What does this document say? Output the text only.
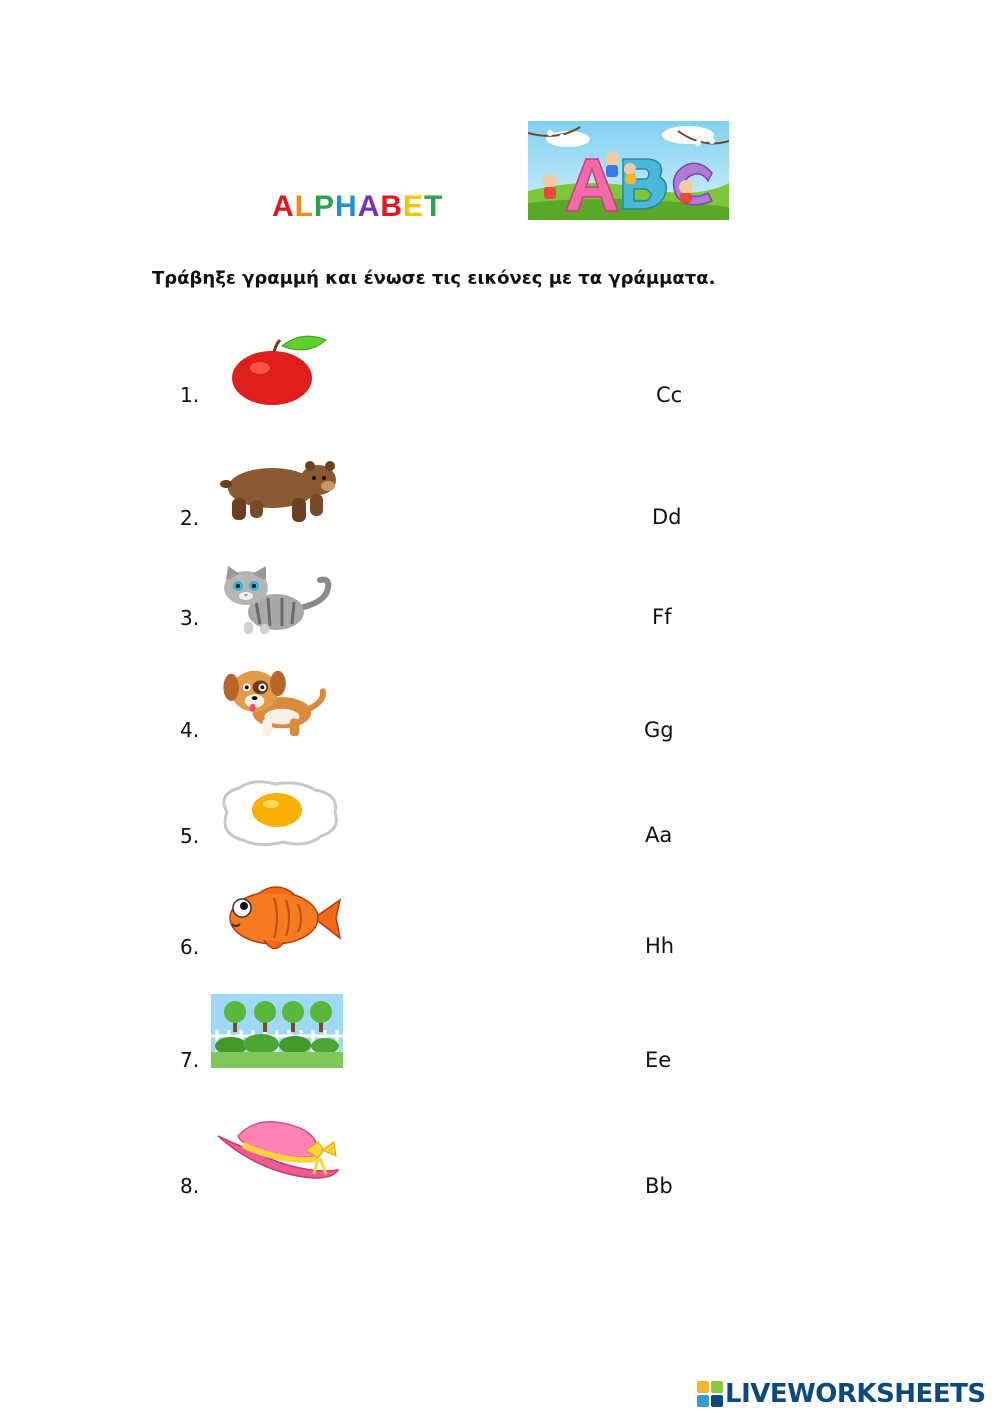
ALPHABET
Τράβηξε γραμμή και ένωσε τις εικόνες με τα γράμματα.
1.	Cc
2.	Dd
3.	Ff
4.	Gg
5.	Aa
6.	Hh
7.	Ee
8.	Bb
LIVEWORKSHEETS
